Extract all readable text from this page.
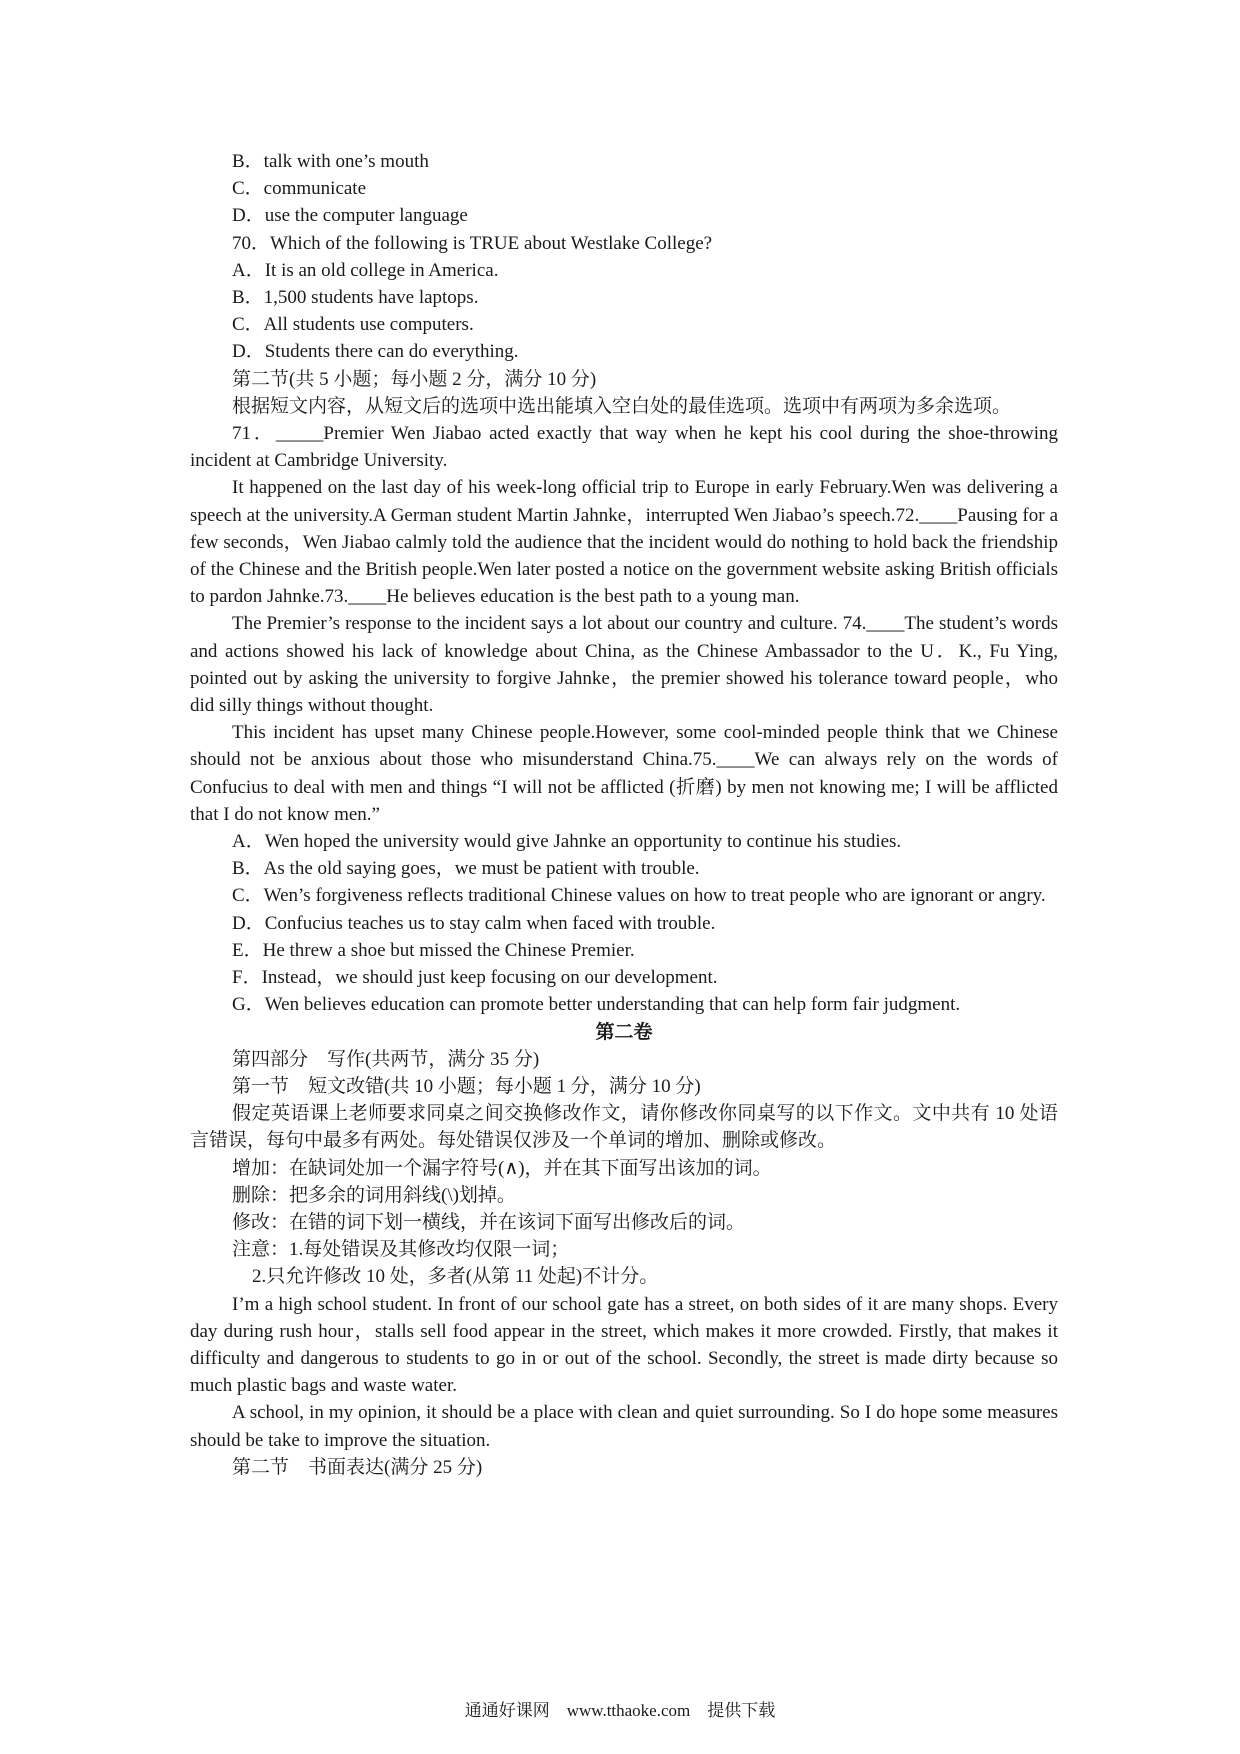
B．talk with one’s mouth
C．communicate
D．use the computer language
70．Which of the following is TRUE about Westlake College?
A．It is an old college in America.
B．1,500 students have laptops.
C．All students use computers.
D．Students there can do everything.
第二节(共 5 小题；每小题 2 分，满分 10 分)

根据短文内容，从短文后的选项中选出能填入空白处的最佳选项。选项中有两项为多余选项。

71．_____Premier Wen Jiabao acted exactly that way when he kept his cool during the shoe-throwing incident at Cambridge University.

It happened on the last day of his week-long official trip to Europe in early February.Wen was delivering a speech at the university.A German student Martin Jahnke，interrupted Wen Jiabao’s speech.72.____Pausing for a few seconds，Wen Jiabao calmly told the audience that the incident would do nothing to hold back the friendship of the Chinese and the British people.Wen later posted a notice on the government website asking British officials to pardon Jahnke.73.____He believes education is the best path to a young man.

The Premier’s response to the incident says a lot about our country and culture. 74.____The student’s words and actions showed his lack of knowledge about China, as the Chinese Ambassador to the U．K., Fu Ying, pointed out by asking the university to forgive Jahnke，the premier showed his tolerance toward people，who did silly things without thought.

This incident has upset many Chinese people.However, some cool-minded people think that we Chinese should not be anxious about those who misunderstand China.75.____We can always rely on the words of Confucius to deal with men and things “I will not be afflicted (折磨) by men not knowing me; I will be afflicted that I do not know men.”

A．Wen hoped the university would give Jahnke an opportunity to continue his studies.

B．As the old saying goes，we must be patient with trouble.

C．Wen’s forgiveness reflects traditional Chinese values on how to treat people who are ignorant or angry.

D．Confucius teaches us to stay calm when faced with trouble.

E．He threw a shoe but missed the Chinese Premier.

F．Instead，we should just keep focusing on our development.

G．Wen believes education can promote better understanding that can help form fair judgment.

第二卷
第四部分　写作(共两节，满分 35 分)
第一节　短文改错(共 10 小题；每小题 1 分，满分 10 分)

假定英语课上老师要求同桌之间交换修改作文，请你修改你同桌写的以下作文。文中共有 10 处语言错误，每句中最多有两处。每处错误仅涉及一个单词的增加、删除或修改。

增加：在缺词处加一个漏字符号(∧)，并在其下面写出该加的词。
删除：把多余的词用斜线(\)划掉。
修改：在错的词下划一横线，并在该词下面写出修改后的词。
注意：1.每处错误及其修改均仅限一词；
2.只允许修改 10 处，多者(从第 11 处起)不计分。

I’m a high school student. In front of our school gate has a street, on both sides of it are many shops. Every day during rush hour，stalls sell food appear in the street, which makes it more crowded. Firstly, that makes it difficulty and dangerous to students to go in or out of the school. Secondly, the street is made dirty because so much plastic bags and waste water.

A school, in my opinion, it should be a place with clean and quiet surrounding. So I do hope some measures should be take to improve the situation.

第二节　书面表达(满分 25 分)
通通好课网　www.tthaoke.com　提供下载
